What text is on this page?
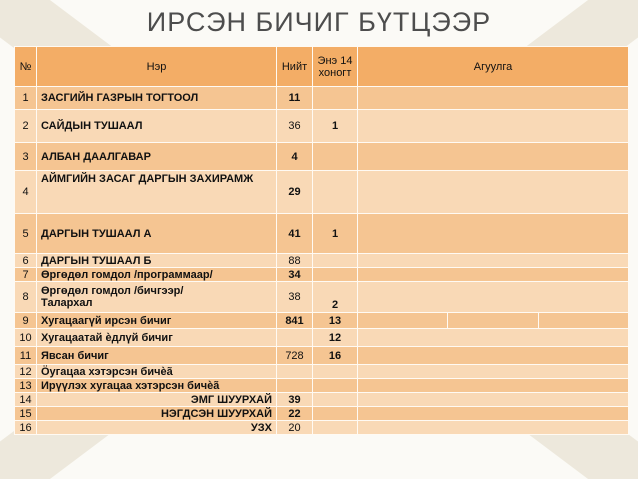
ИРСЭН БИЧИГ БҮТЦЭЭР
№	Нэр	Нийт	Энэ 14
хоногт	Агуулга		
1	ЗАСГИЙН ГАЗРЫН ТОГТООЛ	11				
2	САЙДЫН ТУШААЛ	36	1			
3	АЛБАН ДААЛГАВАР	4				
4	АЙМГИЙН ЗАСАГ ДАРГЫН ЗАХИРАМЖ	29				
5	ДАРГЫН ТУШААЛ А	41	1			
6	ДАРГЫН ТУШААЛ Б	88				
7	Өргөдөл гомдол /программаар/	34				
8	Өргөдөл гомдол /бичгээр/
Талархал	38	2			
9	Хугацаагүй ирсэн бичиг	841	13			
10	Хугацаатай ѐдлүй бичиг		12			
11	Явсан бичиг	728	16			
12	Ӧугацаа хэтэрсэн бичѐã					
13	Ирүүлэх хугацаа хэтэрсэн бичѐã					
14	ЭМГ ШУУРХАЙ	39				
15	НЭГДСЭН ШУУРХАЙ	22				
16	УЗХ	20				
